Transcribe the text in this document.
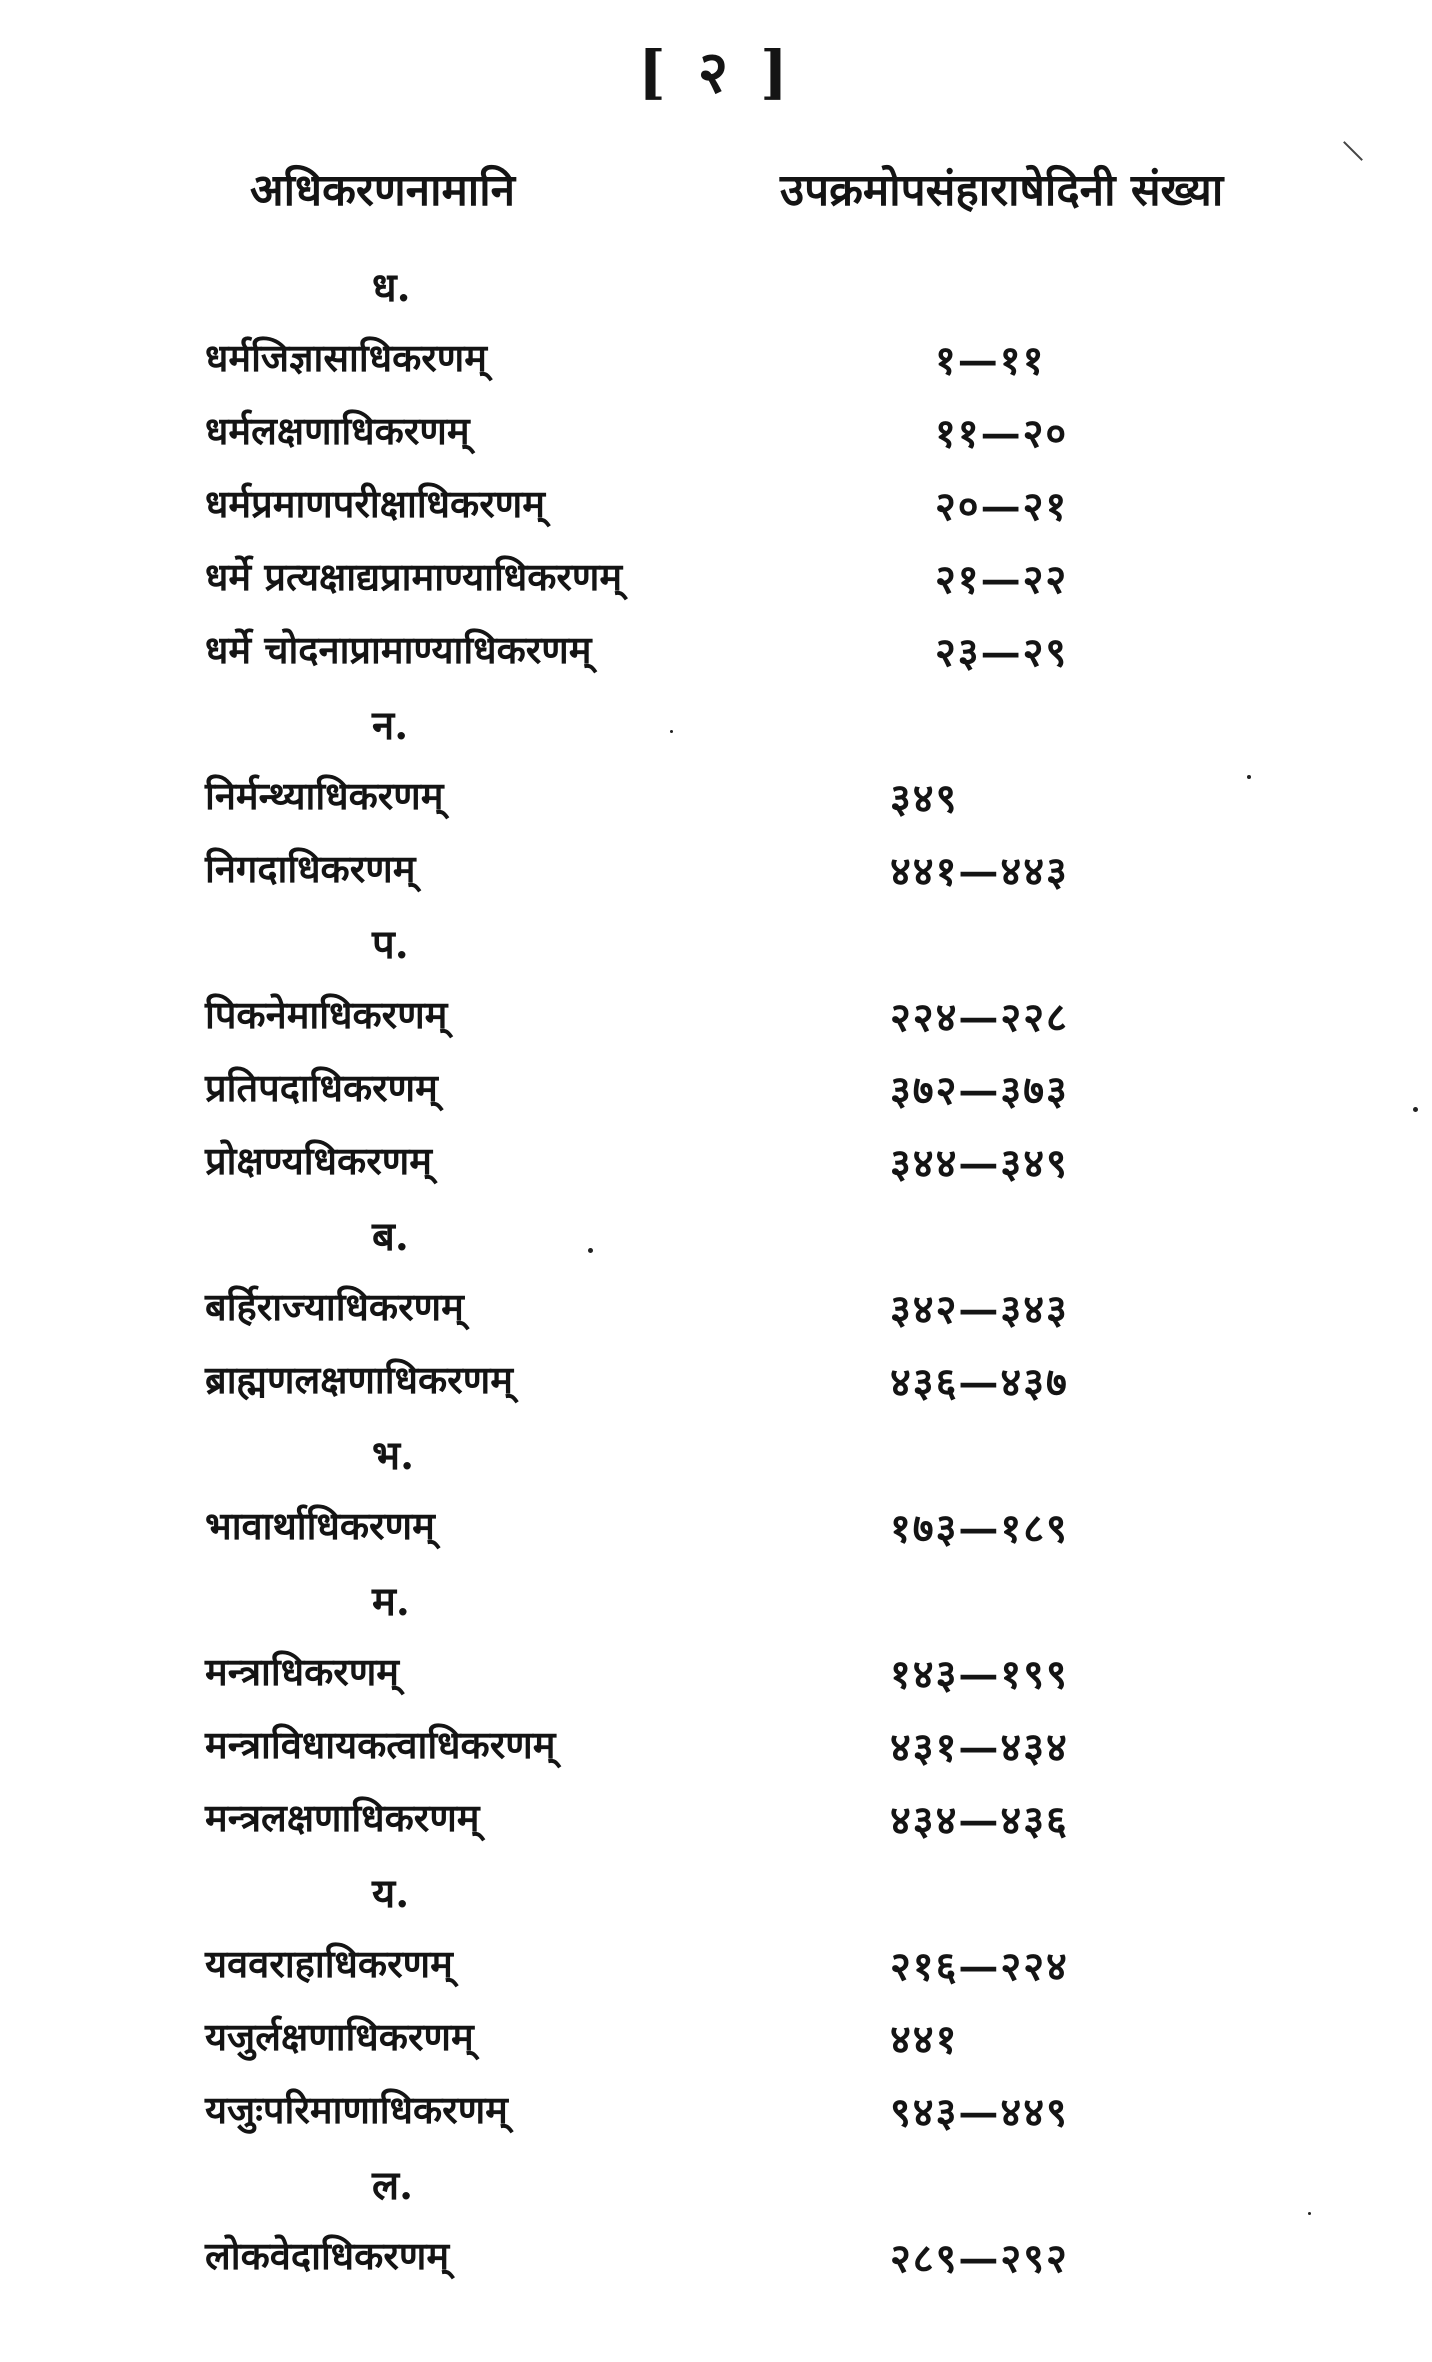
[ २ ]
अधिकरणनामानि	उपक्रमोपसंहाराषेदिनी संख्या
ध.
धर्मजिज्ञासाधिकरणम्	१—११
धर्मलक्षणाधिकरणम्	११—२०
धर्मप्रमाणपरीक्षाधिकरणम्	२०—२१
धर्मे प्रत्यक्षाद्यप्रामाण्याधिकरणम्	२१—२२
धर्मे चोदनाप्रामाण्याधिकरणम्	२३—२९
न.
निर्मन्थ्याधिकरणम्	३४९
निगदाधिकरणम्	४४१—४४३
प.
पिकनेमाधिकरणम्	२२४—२२८
प्रतिपदाधिकरणम्	३७२—३७३
प्रोक्षण्यधिकरणम्	३४४—३४९
ब.
बर्हिराज्याधिकरणम्	३४२—३४३
ब्राह्मणलक्षणाधिकरणम्	४३६—४३७
भ.
भावार्थाधिकरणम्	१७३—१८९
म.
मन्त्राधिकरणम्	१४३—१९९
मन्त्राविधायकत्वाधिकरणम्	४३१—४३४
मन्त्रलक्षणाधिकरणम्	४३४—४३६
य.
यववराहाधिकरणम्	२१६—२२४
यजुर्लक्षणाधिकरणम्	४४१
यजुःपरिमाणाधिकरणम्	९४३—४४९
ल.
लोकवेदाधिकरणम्	२८९—२९२
